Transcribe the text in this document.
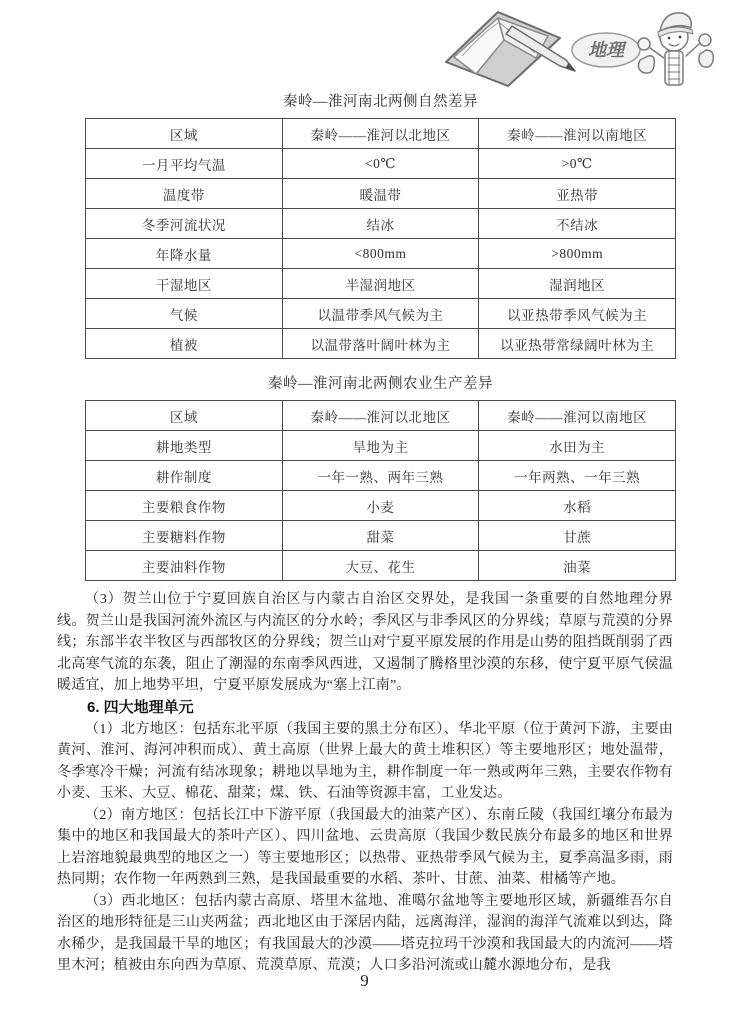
地理
秦岭—淮河南北两侧自然差异
区域	秦岭——淮河以北地区	秦岭——淮河以南地区
一月平均气温	<0℃	>0℃
温度带	暖温带	亚热带
冬季河流状况	结冰	不结冰
年降水量	<800mm	>800mm
干湿地区	半湿润地区	湿润地区
气候	以温带季风气候为主	以亚热带季风气候为主
植被	以温带落叶阔叶林为主	以亚热带常绿阔叶林为主
秦岭—淮河南北两侧农业生产差异
区域	秦岭——淮河以北地区	秦岭——淮河以南地区
耕地类型	旱地为主	水田为主
耕作制度	一年一熟、两年三熟	一年两熟、一年三熟
主要粮食作物	小麦	水稻
主要糖料作物	甜菜	甘蔗
主要油料作物	大豆、花生	油菜

（3）贺兰山位于宁夏回族自治区与内蒙古自治区交界处，是我国一条重要的自然地理分界线。贺兰山是我国河流外流区与内流区的分水岭；季风区与非季风区的分界线；草原与荒漠的分界线；东部半农半牧区与西部牧区的分界线；贺兰山对宁夏平原发展的作用是山势的阻挡既削弱了西北高寒气流的东袭，阻止了潮湿的东南季风西进，又遏制了腾格里沙漠的东移，使宁夏平原气侯温暖适宜，加上地势平坦，宁夏平原发展成为“塞上江南”。

6. 四大地理单元

（1）北方地区：包括东北平原（我国主要的黑土分布区）、华北平原（位于黄河下游，主要由黄河、淮河、海河冲积而成）、黄土高原（世界上最大的黄土堆积区）等主要地形区；地处温带，冬季寒冷干燥；河流有结冰现象；耕地以旱地为主，耕作制度一年一熟或两年三熟，主要农作物有小麦、玉米、大豆、棉花、甜菜；煤、铁、石油等资源丰富，工业发达。

（2）南方地区：包括长江中下游平原（我国最大的油菜产区）、东南丘陵（我国红壤分布最为集中的地区和我国最大的茶叶产区）、四川盆地、云贵高原（我国少数民族分布最多的地区和世界上岩溶地貌最典型的地区之一）等主要地形区；以热带、亚热带季风气候为主，夏季高温多雨，雨热同期；农作物一年两熟到三熟，是我国最重要的水稻、茶叶、甘蔗、油菜、柑橘等产地。

（3）西北地区：包括内蒙古高原、塔里木盆地、准噶尔盆地等主要地形区域，新疆维吾尔自治区的地形特征是三山夹两盆；西北地区由于深居内陆，远离海洋，湿润的海洋气流难以到达，降水稀少，是我国最干旱的地区；有我国最大的沙漠——塔克拉玛干沙漠和我国最大的内流河——塔里木河；植被由东向西为草原、荒漠草原、荒漠；人口多沿河流或山麓水源地分布，是我

9
